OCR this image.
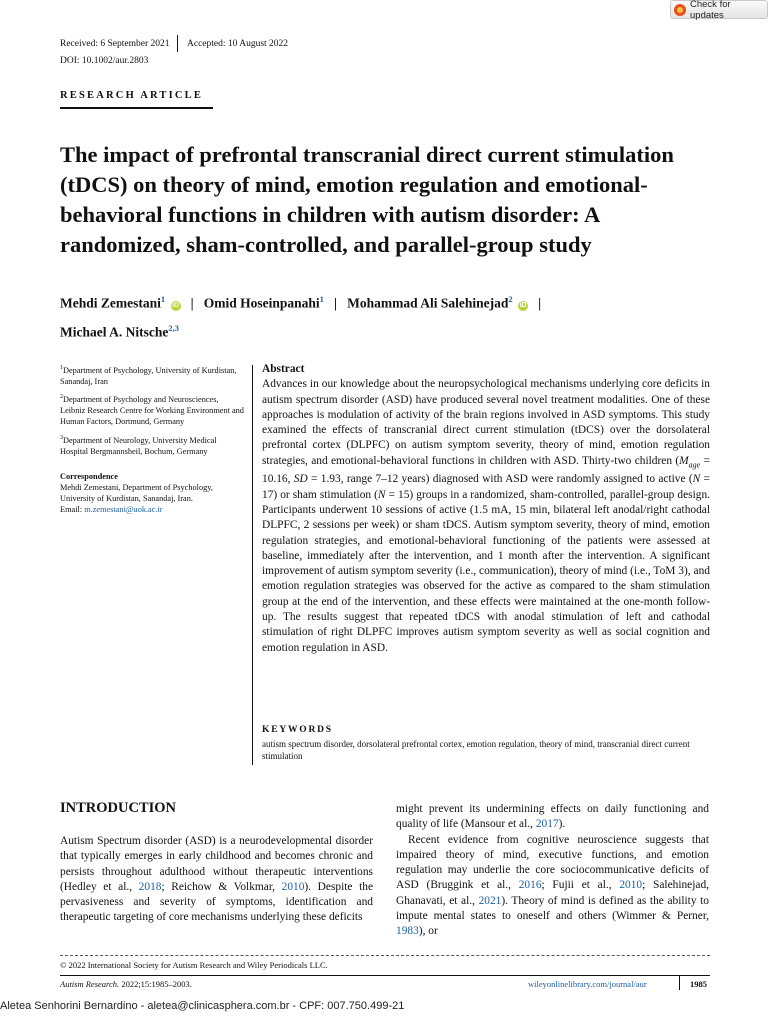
Check for updates
Received: 6 September 2021 Accepted: 10 August 2022
DOI: 10.1002/aur.2803
RESEARCH ARTICLE
The impact of prefrontal transcranial direct current stimulation (tDCS) on theory of mind, emotion regulation and emotional-behavioral functions in children with autism disorder: A randomized, sham-controlled, and parallel-group study
Mehdi Zemestani$^1$ iD | Omid Hoseinpanahi$^1$ | Mohammad Ali Salehinejad$^2$ iD |
Michael A. Nitsche$^{2,3}$

$^1$Department of Psychology, University of Kurdistan, Sanandaj, Iran

$^2$Department of Psychology and Neurosciences, Leibniz Research Centre for Working Environment and Human Factors, Dortmund, Germany

$^3$Department of Neurology, University Medical Hospital Bergmannsheil, Bochum, Germany

Correspondence

Mehdi Zemestani, Department of Psychology, University of Kurdistan, Sanandaj, Iran.
Email: m.zemestani@uok.ac.ir

Abstract
Advances in our knowledge about the neuropsychological mechanisms underlying core deficits in autism spectrum disorder (ASD) have produced several novel treatment modalities. One of these approaches is modulation of activity of the brain regions involved in ASD symptoms. This study examined the effects of transcranial direct current stimulation (tDCS) over the dorsolateral prefrontal cortex (DLPFC) on autism symptom severity, theory of mind, emotion regulation strategies, and emotional-behavioral functions in children with ASD. Thirty-two children ($M_{age} = 10.16$, SD = 1.93, range 7–12 years) diagnosed with ASD were randomly assigned to active (N = 17) or sham stimulation (N = 15) groups in a randomized, sham-controlled, parallel-group design. Participants underwent 10 sessions of active (1.5 mA, 15 min, bilateral left anodal/right cathodal DLPFC, 2 sessions per week) or sham tDCS. Autism symptom severity, theory of mind, emotion regulation strategies, and emotional-behavioral functioning of the patients were assessed at baseline, immediately after the intervention, and 1 month after the intervention. A significant improvement of autism symptom severity (i.e., communication), theory of mind (i.e., ToM 3), and emotion regulation strategies was observed for the active as compared to the sham stimulation group at the end of the intervention, and these effects were maintained at the one-month follow-up. The results suggest that repeated tDCS with anodal stimulation of left and cathodal stimulation of right DLPFC improves autism symptom severity as well as social cognition and emotion regulation in ASD.
KEYWORDS
autism spectrum disorder, dorsolateral prefrontal cortex, emotion regulation, theory of mind, transcranial direct current stimulation
INTRODUCTION
Autism Spectrum disorder (ASD) is a neurodevelopmental disorder that typically emerges in early childhood and becomes chronic and persists throughout adulthood without therapeutic interventions (Hedley et al., 2018; Reichow & Volkmar, 2010). Despite the pervasiveness and severity of symptoms, identification and therapeutic targeting of core mechanisms underlying these deficits
might prevent its undermining effects on daily functioning and quality of life (Mansour et al., 2017).
Recent evidence from cognitive neuroscience suggests that impaired theory of mind, executive functions, and emotion regulation may underlie the core sociocommunicative deficits of ASD (Bruggink et al., 2016; Fujii et al., 2010; Salehinejad, Ghanavati, et al., 2021). Theory of mind is defined as the ability to impute mental states to oneself and others (Wimmer & Perner, 1983), or
© 2022 International Society for Autism Research and Wiley Periodicals LLC.
Autism Research. 2022;15:1985–2003.	wileyonlinelibrary.com/journal/aur	1985
Aletea Senhorini Bernardino - aletea@clinicasphera.com.br - CPF: 007.750.499-21
